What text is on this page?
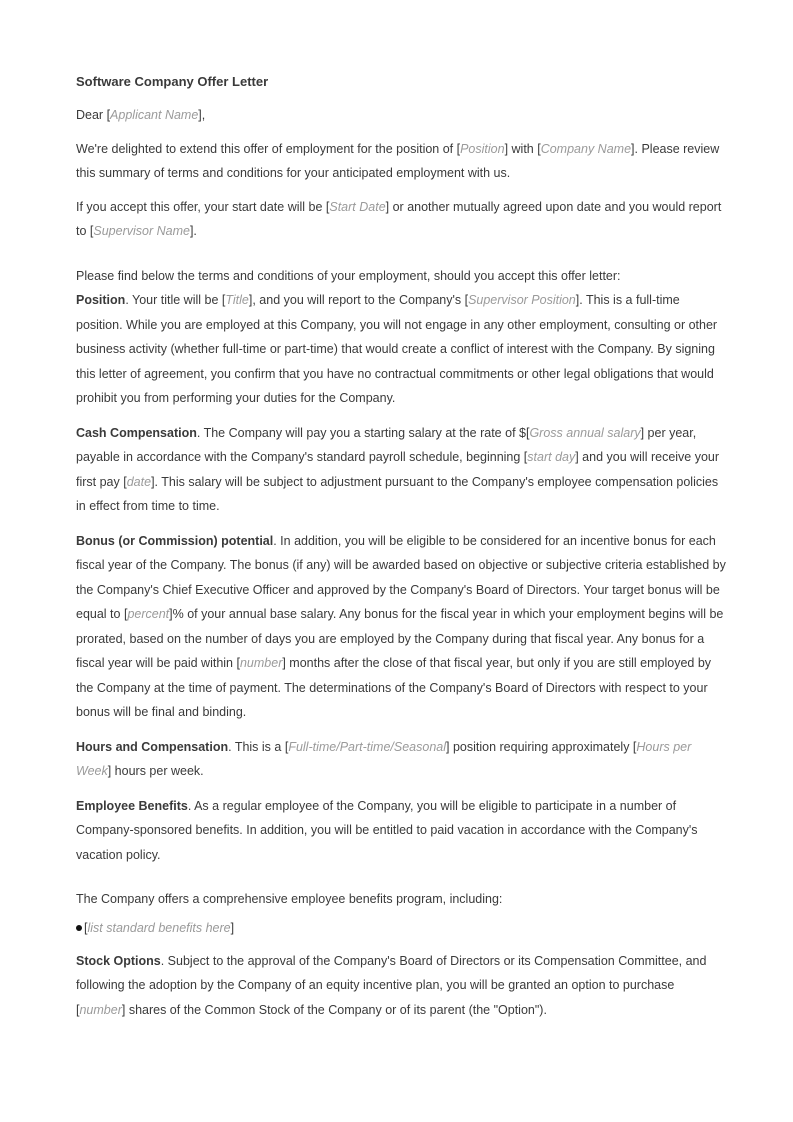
Software Company Offer Letter

Dear [Applicant Name],

We're delighted to extend this offer of employment for the position of [Position] with [Company Name]. Please review this summary of terms and conditions for your anticipated employment with us.

If you accept this offer, your start date will be [Start Date] or another mutually agreed upon date and you would report to [Supervisor Name].

Please find below the terms and conditions of your employment, should you accept this offer letter:

Position. Your title will be [Title], and you will report to the Company's [Supervisor Position]. This is a full-time position. While you are employed at this Company, you will not engage in any other employment, consulting or other business activity (whether full-time or part-time) that would create a conflict of interest with the Company. By signing this letter of agreement, you confirm that you have no contractual commitments or other legal obligations that would prohibit you from performing your duties for the Company.

Cash Compensation. The Company will pay you a starting salary at the rate of $[Gross annual salary] per year, payable in accordance with the Company's standard payroll schedule, beginning [start day] and you will receive your first pay [date]. This salary will be subject to adjustment pursuant to the Company's employee compensation policies in effect from time to time.

Bonus (or Commission) potential. In addition, you will be eligible to be considered for an incentive bonus for each fiscal year of the Company. The bonus (if any) will be awarded based on objective or subjective criteria established by the Company's Chief Executive Officer and approved by the Company's Board of Directors. Your target bonus will be equal to [percent]% of your annual base salary. Any bonus for the fiscal year in which your employment begins will be prorated, based on the number of days you are employed by the Company during that fiscal year. Any bonus for a fiscal year will be paid within [number] months after the close of that fiscal year, but only if you are still employed by the Company at the time of payment. The determinations of the Company's Board of Directors with respect to your bonus will be final and binding.

Hours and Compensation. This is a [Full-time/Part-time/Seasonal] position requiring approximately [Hours per Week] hours per week.

Employee Benefits. As a regular employee of the Company, you will be eligible to participate in a number of Company-sponsored benefits. In addition, you will be entitled to paid vacation in accordance with the Company's vacation policy.

The Company offers a comprehensive employee benefits program, including:

[list standard benefits here]

Stock Options. Subject to the approval of the Company's Board of Directors or its Compensation Committee, and following the adoption by the Company of an equity incentive plan, you will be granted an option to purchase [number] shares of the Common Stock of the Company or of its parent (the "Option").
